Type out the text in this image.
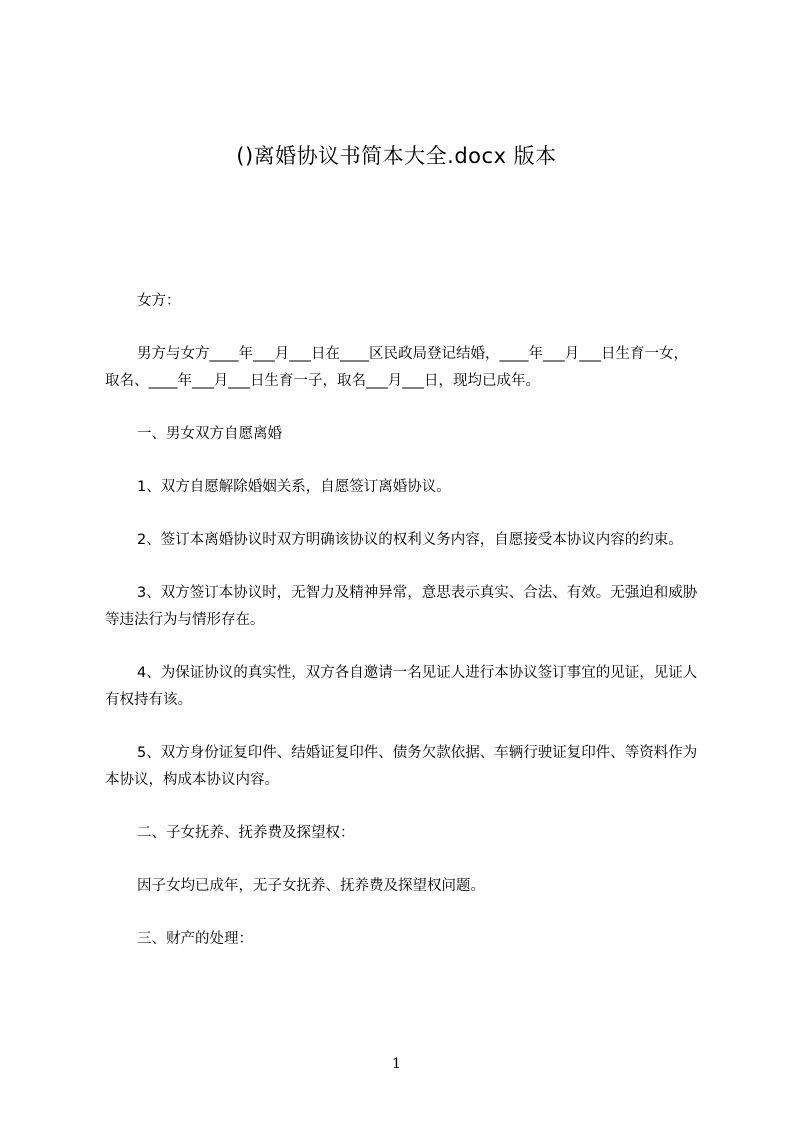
()离婚协议书简本大全.docx 版本

女方：

男方与女方____年___月___日在____区民政局登记结婚，____年___月___日生育一女，取名、____年___月___日生育一子，取名___月___日，现均已成年。

一、男女双方自愿离婚

1、双方自愿解除婚姻关系，自愿签订离婚协议。

2、签订本离婚协议时双方明确该协议的权利义务内容，自愿接受本协议内容的约束。

3、双方签订本协议时，无智力及精神异常，意思表示真实、合法、有效。无强迫和威胁等违法行为与情形存在。

4、为保证协议的真实性，双方各自邀请一名见证人进行本协议签订事宜的见证，见证人有权持有该。

5、双方身份证复印件、结婚证复印件、债务欠款依据、车辆行驶证复印件、等资料作为本协议，构成本协议内容。

二、子女抚养、抚养费及探望权：

因子女均已成年，无子女抚养、抚养费及探望权问题。

三、财产的处理：

1
